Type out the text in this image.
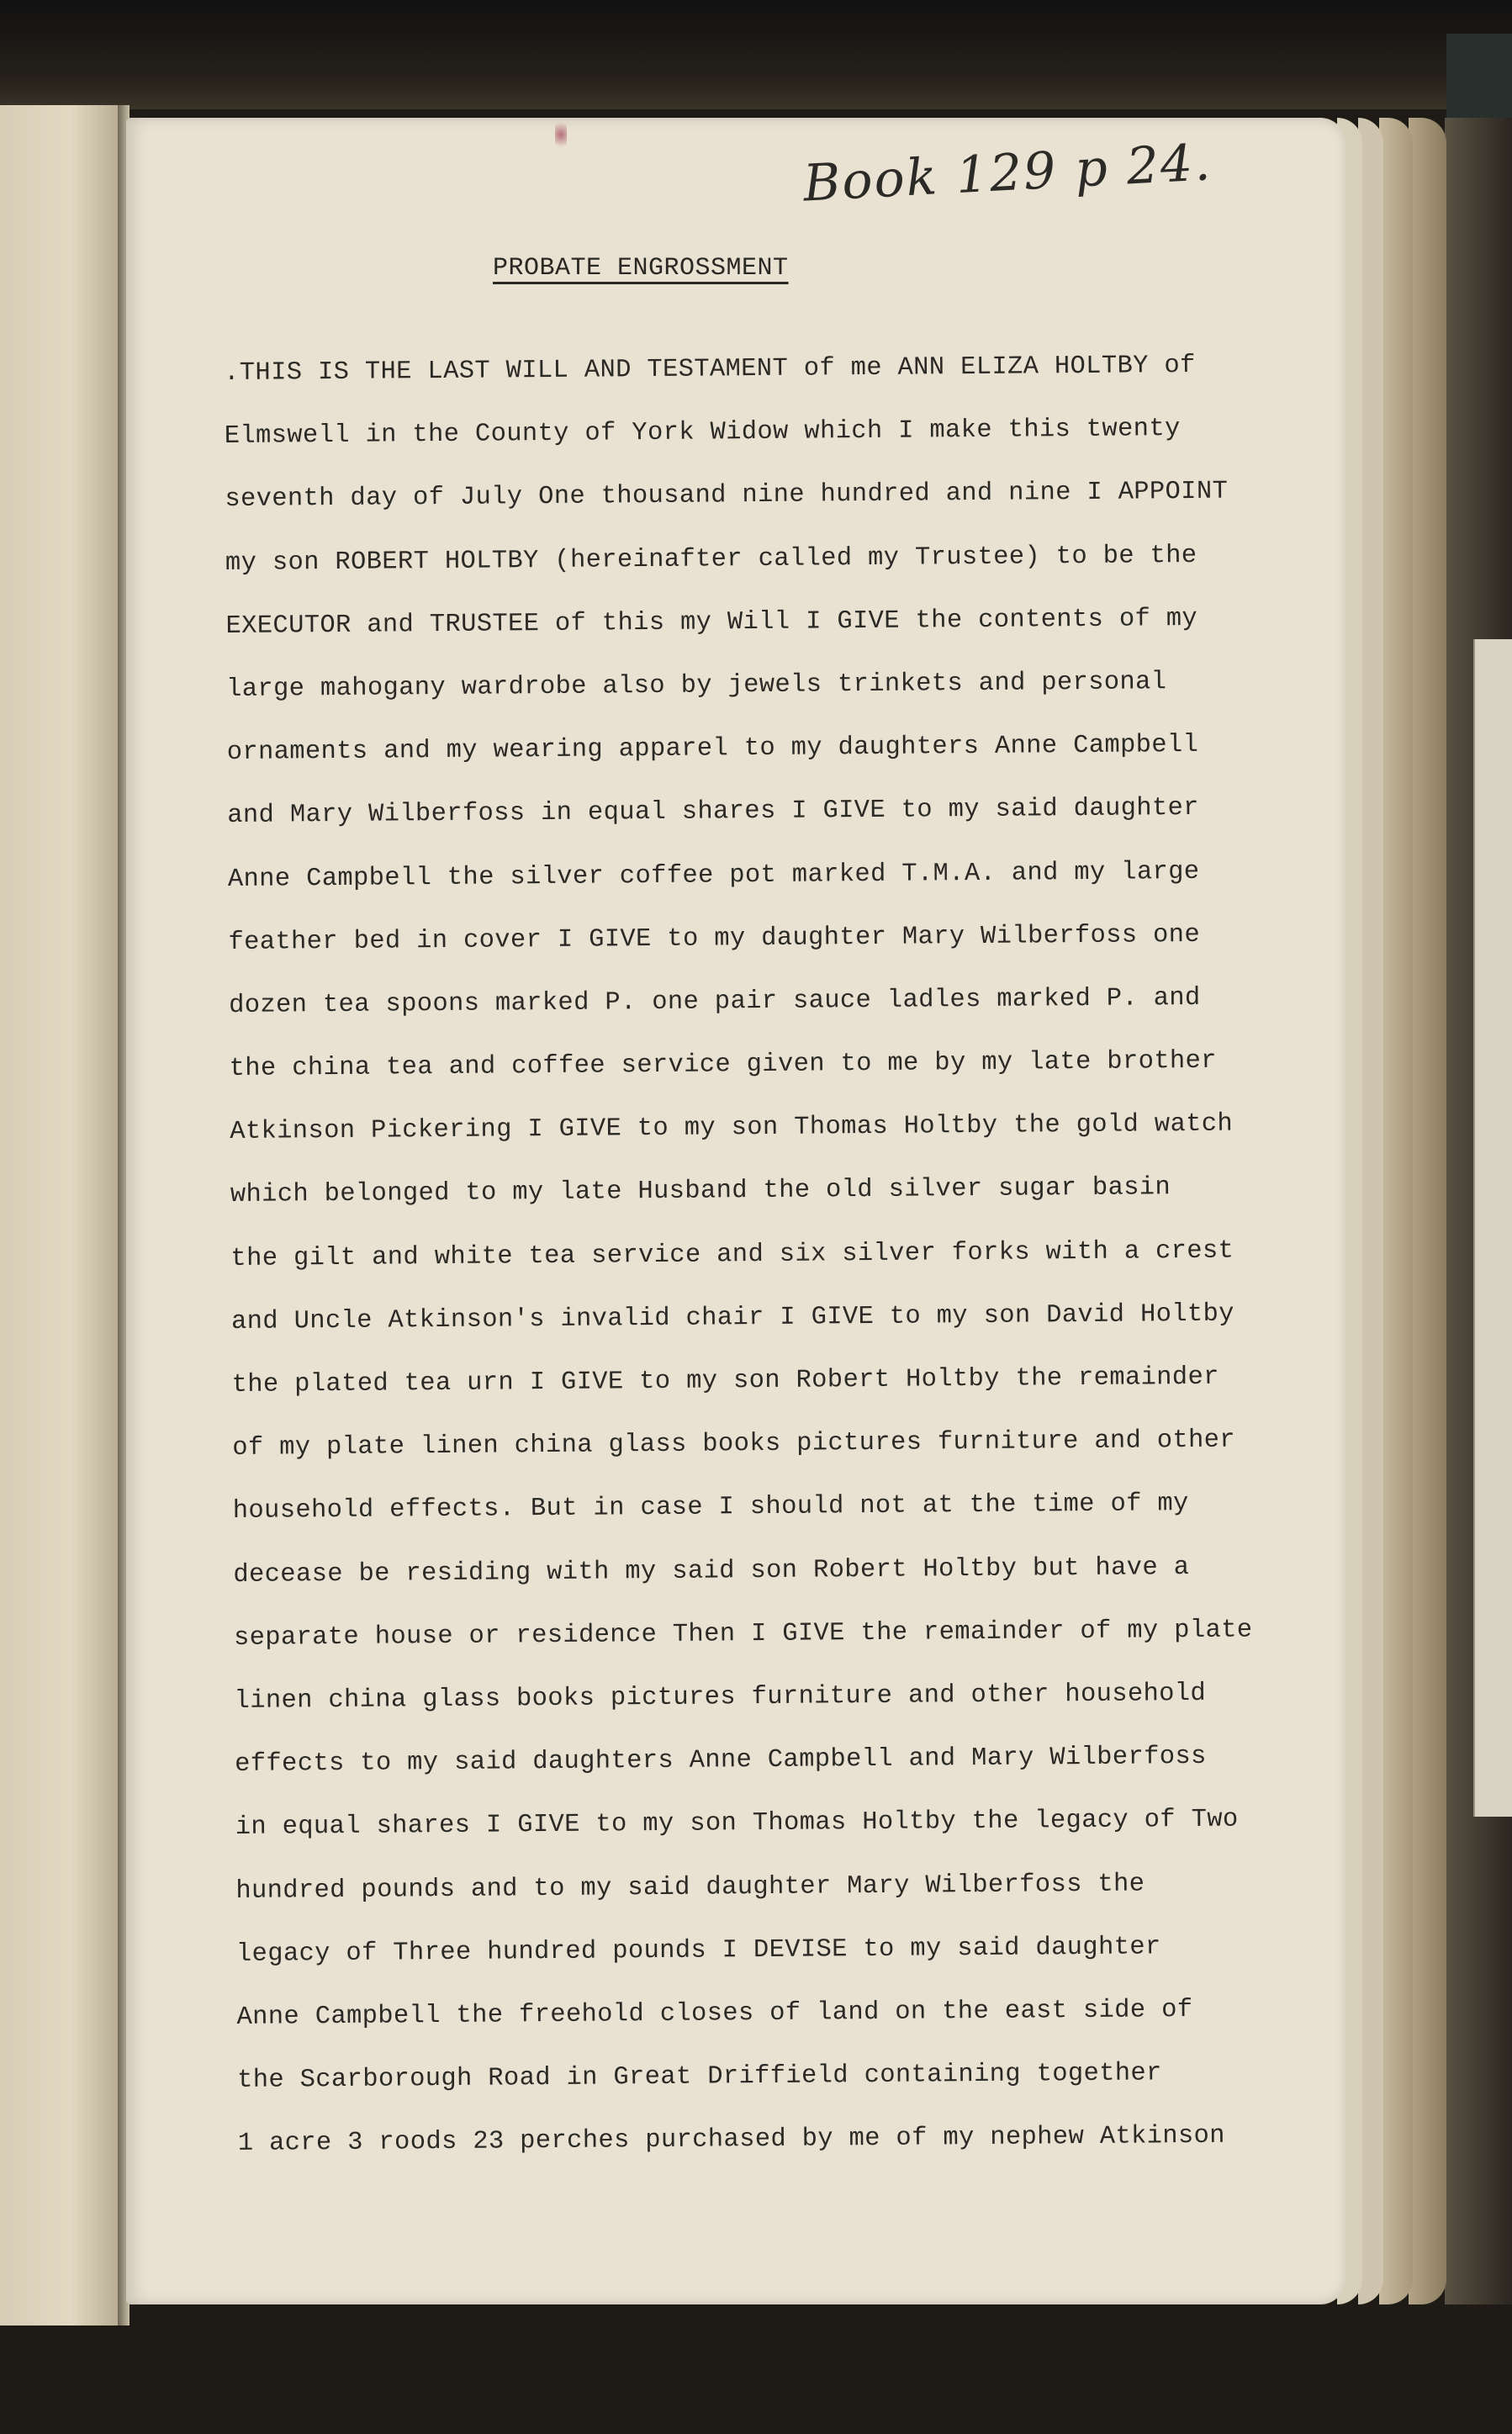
Book 129 p 24.
PROBATE ENGROSSMENT
.THIS IS THE LAST WILL AND TESTAMENT of me ANN ELIZA HOLTBY of
Elmswell in the County of York Widow which I make this twenty
seventh day of July One thousand nine hundred and nine I APPOINT
my son ROBERT HOLTBY (hereinafter called my Trustee) to be the
EXECUTOR and TRUSTEE of this my Will I GIVE the contents of my
large mahogany wardrobe also by jewels trinkets and personal
ornaments and my wearing apparel to my daughters Anne Campbell
and Mary Wilberfoss in equal shares I GIVE to my said daughter
Anne Campbell the silver coffee pot marked T.M.A. and my large
feather bed in cover I GIVE to my daughter Mary Wilberfoss one
dozen tea spoons marked P. one pair sauce ladles marked P. and
the china tea and coffee service given to me by my late brother
Atkinson Pickering I GIVE to my son Thomas Holtby the gold watch
which belonged to my late Husband the old silver sugar basin
the gilt and white tea service and six silver forks with a crest
and Uncle Atkinson's invalid chair I GIVE to my son David Holtby
the plated tea urn I GIVE to my son Robert Holtby the remainder
of my plate linen china glass books pictures furniture and other
household effects. But in case I should not at the time of my
decease be residing with my said son Robert Holtby but have a
separate house or residence Then I GIVE the remainder of my plate
linen china glass books pictures furniture and other household
effects to my said daughters Anne Campbell and Mary Wilberfoss
in equal shares I GIVE to my son Thomas Holtby the legacy of Two
hundred pounds and to my said daughter Mary Wilberfoss the
legacy of Three hundred pounds I DEVISE to my said daughter
Anne Campbell the freehold closes of land on the east side of
the Scarborough Road in Great Driffield containing together
1 acre 3 roods 23 perches purchased by me of my nephew Atkinson
